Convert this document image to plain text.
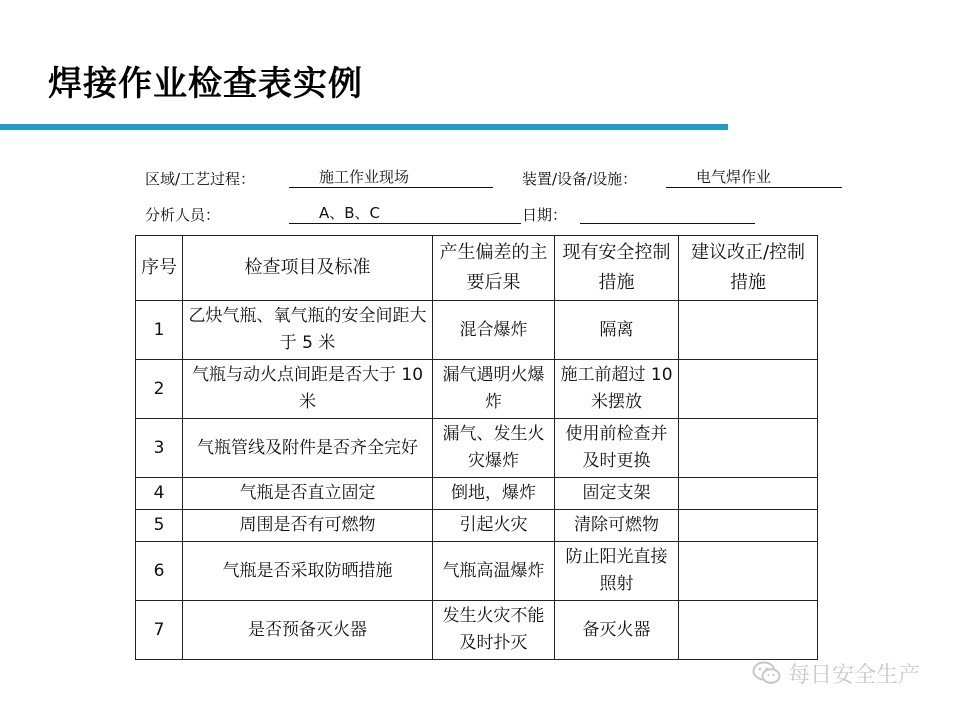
焊接作业检查表实例
区域/工艺过程：	施工作业现场	装置/设备/设施：	电气焊作业
分析人员：	A、B、C	日期：
序号	检查项目及标准	产生偏差的主要后果	现有安全控制措施	建议改正/控制措施
1	乙炔气瓶、氧气瓶的安全间距大于 5 米	混合爆炸	隔离	
2	气瓶与动火点间距是否大于 10 米	漏气遇明火爆炸	施工前超过 10 米摆放	
3	气瓶管线及附件是否齐全完好	漏气、发生火灾爆炸	使用前检查并及时更换	
4	气瓶是否直立固定	倒地，爆炸	固定支架	
5	周围是否有可燃物	引起火灾	清除可燃物	
6	气瓶是否采取防晒措施	气瓶高温爆炸	防止阳光直接照射	
7	是否预备灭火器	发生火灾不能及时扑灭	备灭火器	
每日安全生产
